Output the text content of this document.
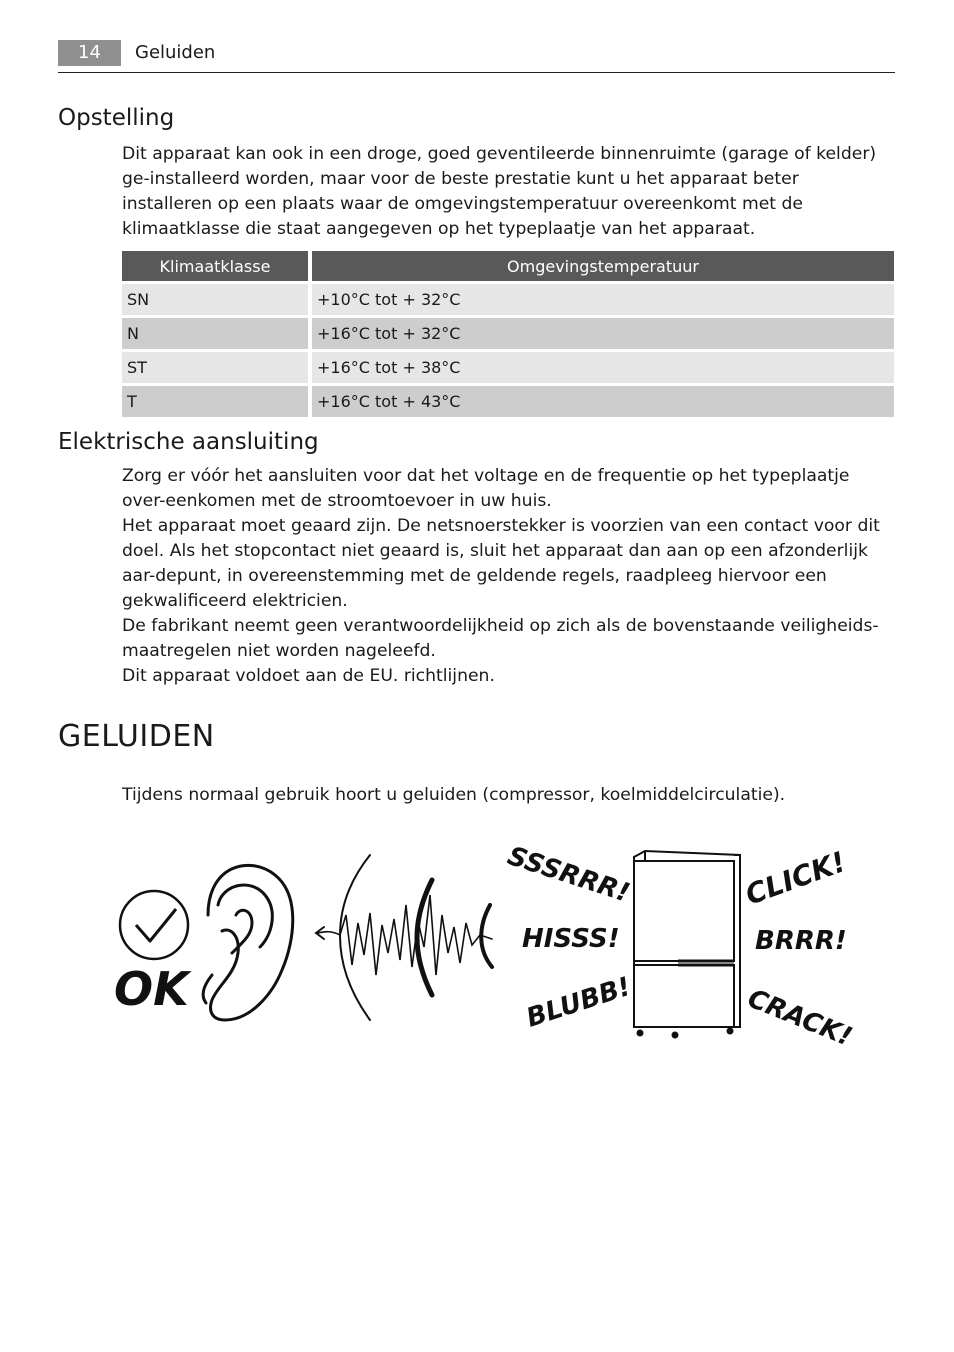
14	Geluiden
Opstelling

Dit apparaat kan ook in een droge, goed geventileerde binnenruimte (garage of kelder) ge-installeerd worden, maar voor de beste prestatie kunt u het apparaat beter installeren op een plaats waar de omgevingstemperatuur overeenkomt met de klimaatklasse die staat aangegeven op het typeplaatje van het apparaat.

Klimaatklasse	Omgevingstemperatuur
SN	+10°C tot + 32°C
N	+16°C tot + 32°C
ST	+16°C tot + 38°C
T	+16°C tot + 43°C
Elektrische aansluiting

Zorg er vóór het aansluiten voor dat het voltage en de frequentie op het typeplaatje over-eenkomen met de stroomtoevoer in uw huis.

Het apparaat moet geaard zijn. De netsnoerstekker is voorzien van een contact voor dit doel. Als het stopcontact niet geaard is, sluit het apparaat dan aan op een afzonderlijk aar-depunt, in overeenstemming met de geldende regels, raadpleeg hiervoor een gekwalificeerd elektricien.

De fabrikant neemt geen verantwoordelijkheid op zich als de bovenstaande veiligheids-maatregelen niet worden nageleefd.

Dit apparaat voldoet aan de EU. richtlijnen.

GELUIDEN

Tijdens normaal gebruik hoort u geluiden (compressor, koelmiddelcirculatie).

OK
SSSRRR!
HISSS!
BLUBB!
CLICK!
BRRR!
CRACK!
